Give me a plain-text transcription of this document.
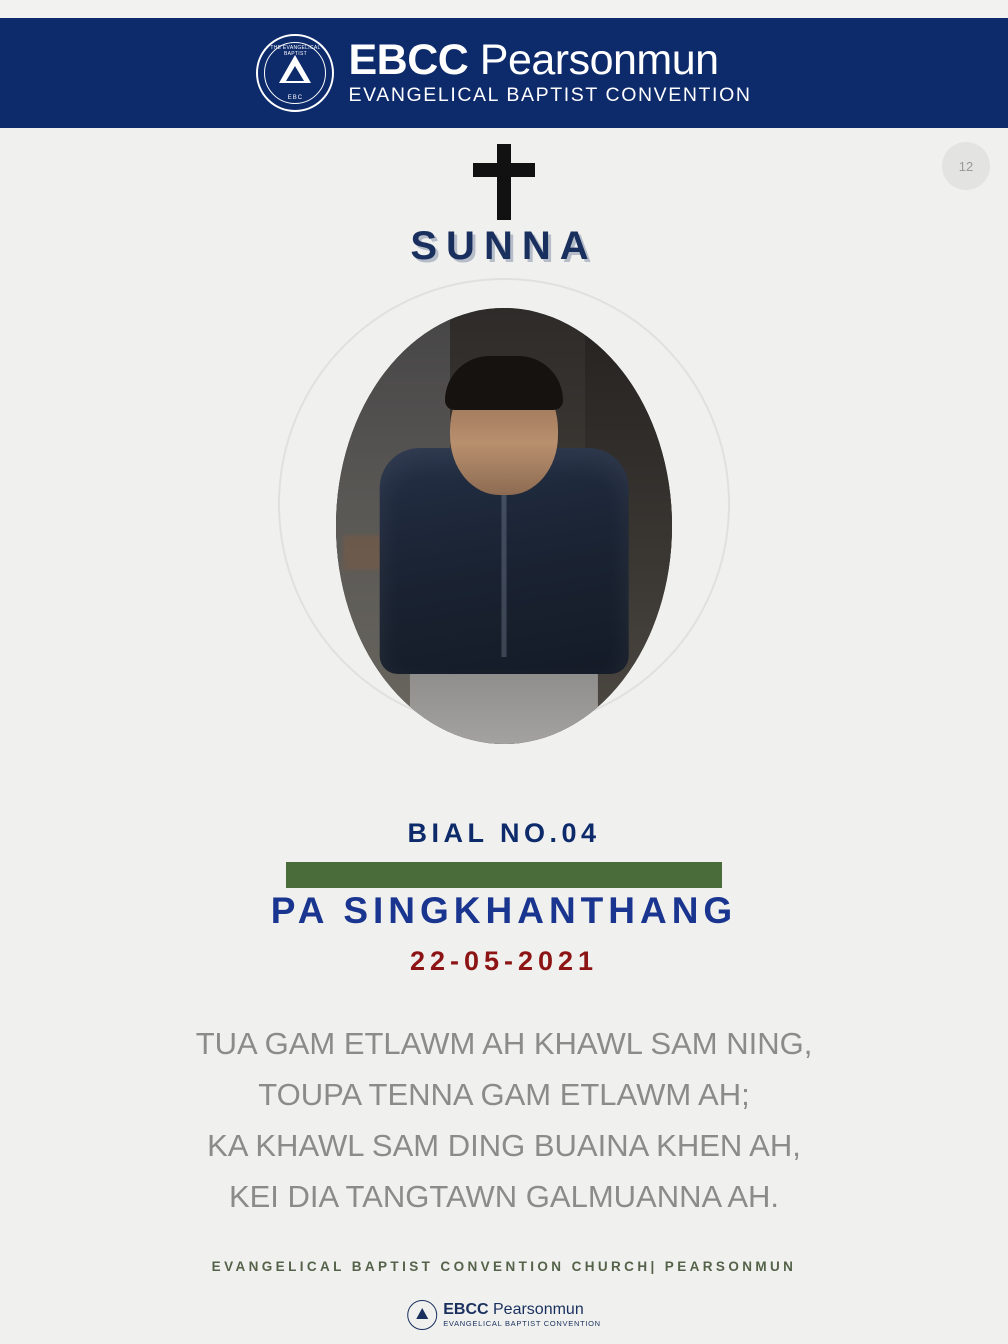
THE EVANGELICAL BAPTIST
EBC
EBCC Pearsonmun
EVANGELICAL BAPTIST CONVENTION
12
SUNNA
BIAL NO.04
PA SINGKHANTHANG
22-05-2021
TUA GAM ETLAWM AH KHAWL SAM NING,
TOUPA TENNA GAM ETLAWM AH;
KA KHAWL SAM DING BUAINA KHEN AH,
KEI DIA TANGTAWN GALMUANNA AH.
EVANGELICAL BAPTIST CONVENTION CHURCH| PEARSONMUN
EBCC Pearsonmun
EVANGELICAL BAPTIST CONVENTION
